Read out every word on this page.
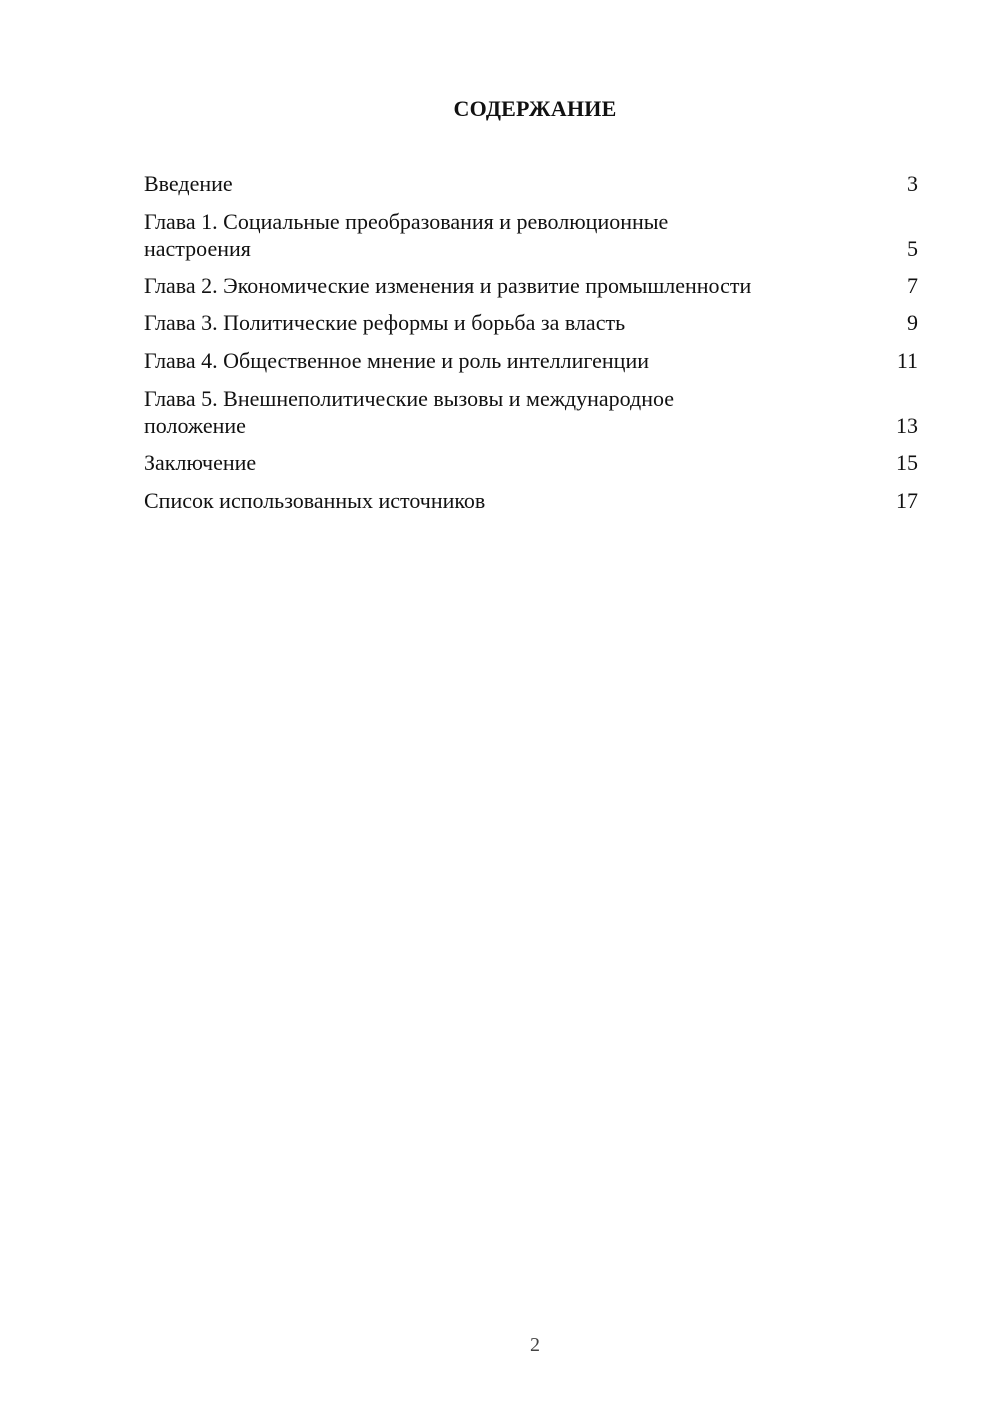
СОДЕРЖАНИЕ
Введение	3
Глава 1. Социальные преобразования и революционные настроения	5
Глава 2. Экономические изменения и развитие промышленности	7
Глава 3. Политические реформы и борьба за власть	9
Глава 4. Общественное мнение и роль интеллигенции	11
Глава 5. Внешнеполитические вызовы и международное положение	13
Заключение	15
Список использованных источников	17
2
